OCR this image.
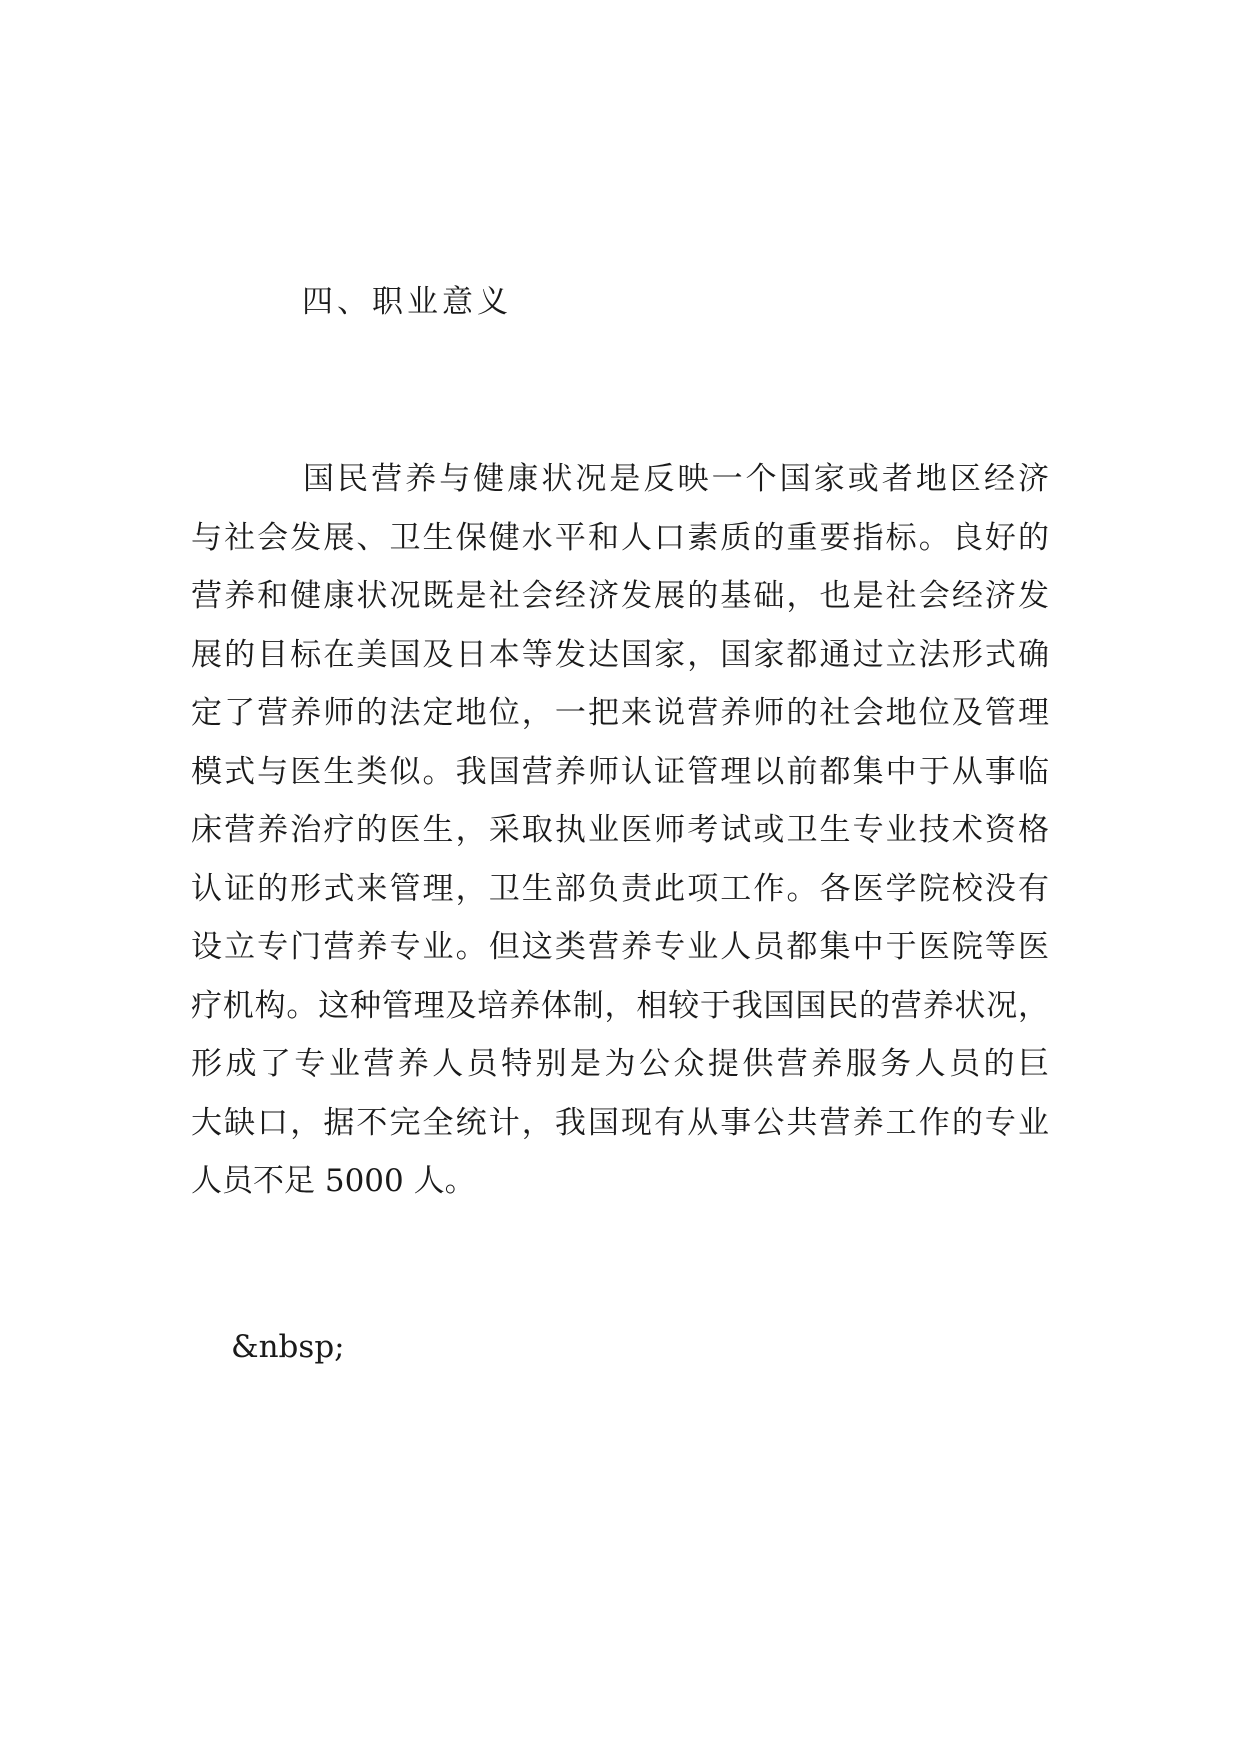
四、职业意义

国民营养与健康状况是反映一个国家或者地区经济
与社会发展、卫生保健水平和人口素质的重要指标。良好的
营养和健康状况既是社会经济发展的基础，也是社会经济发
展的目标在美国及日本等发达国家，国家都通过立法形式确
定了营养师的法定地位，一把来说营养师的社会地位及管理
模式与医生类似。我国营养师认证管理以前都集中于从事临
床营养治疗的医生，采取执业医师考试或卫生专业技术资格
认证的形式来管理，卫生部负责此项工作。各医学院校没有
设立专门营养专业。但这类营养专业人员都集中于医院等医
疗机构。这种管理及培养体制，相较于我国国民的营养状况，
形成了专业营养人员特别是为公众提供营养服务人员的巨
大缺口，据不完全统计，我国现有从事公共营养工作的专业
人员不足 5000 人。

&nbsp;
